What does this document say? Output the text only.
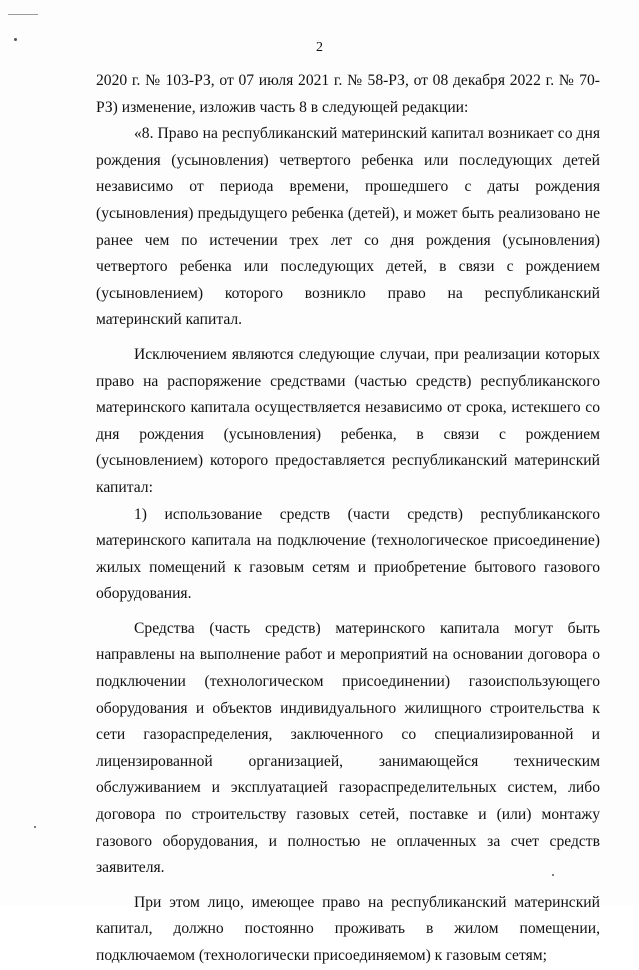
2

2020 г. № 103-РЗ, от 07 июля 2021 г. № 58-РЗ, от 08 декабря 2022 г. № 70-РЗ) изменение, изложив часть 8 в следующей редакции:

«8. Право на республиканский материнский капитал возникает со дня рождения (усыновления) четвертого ребенка или последующих детей независимо от периода времени, прошедшего с даты рождения (усыновления) предыдущего ребенка (детей), и может быть реализовано не ранее чем по истечении трех лет со дня рождения (усыновления) четвертого ребенка или последующих детей, в связи с рождением (усыновлением) которого возникло право на республиканский материнский капитал.

Исключением являются следующие случаи, при реализации которых право на распоряжение средствами (частью средств) республиканского материнского капитала осуществляется независимо от срока, истекшего со дня рождения (усыновления) ребенка, в связи с рождением (усыновлением) которого предоставляется республиканский материнский капитал:

1) использование средств (части средств) республиканского материнского капитала на подключение (технологическое присоединение) жилых помещений к газовым сетям и приобретение бытового газового оборудования.

Средства (часть средств) материнского капитала могут быть направлены на выполнение работ и мероприятий на основании договора о подключении (технологическом присоединении) газоиспользующего оборудования и объектов индивидуального жилищного строительства к сети газораспределения, заключенного со специализированной и лицензированной организацией, занимающейся техническим обслуживанием и эксплуатацией газораспределительных систем, либо договора по строительству газовых сетей, поставке и (или) монтажу газового оборудования, и полностью не оплаченных за счет средств заявителя.

При этом лицо, имеющее право на республиканский материнский капитал, должно постоянно проживать в жилом помещении, подключаемом (технологически присоединяемом) к газовым сетям;
